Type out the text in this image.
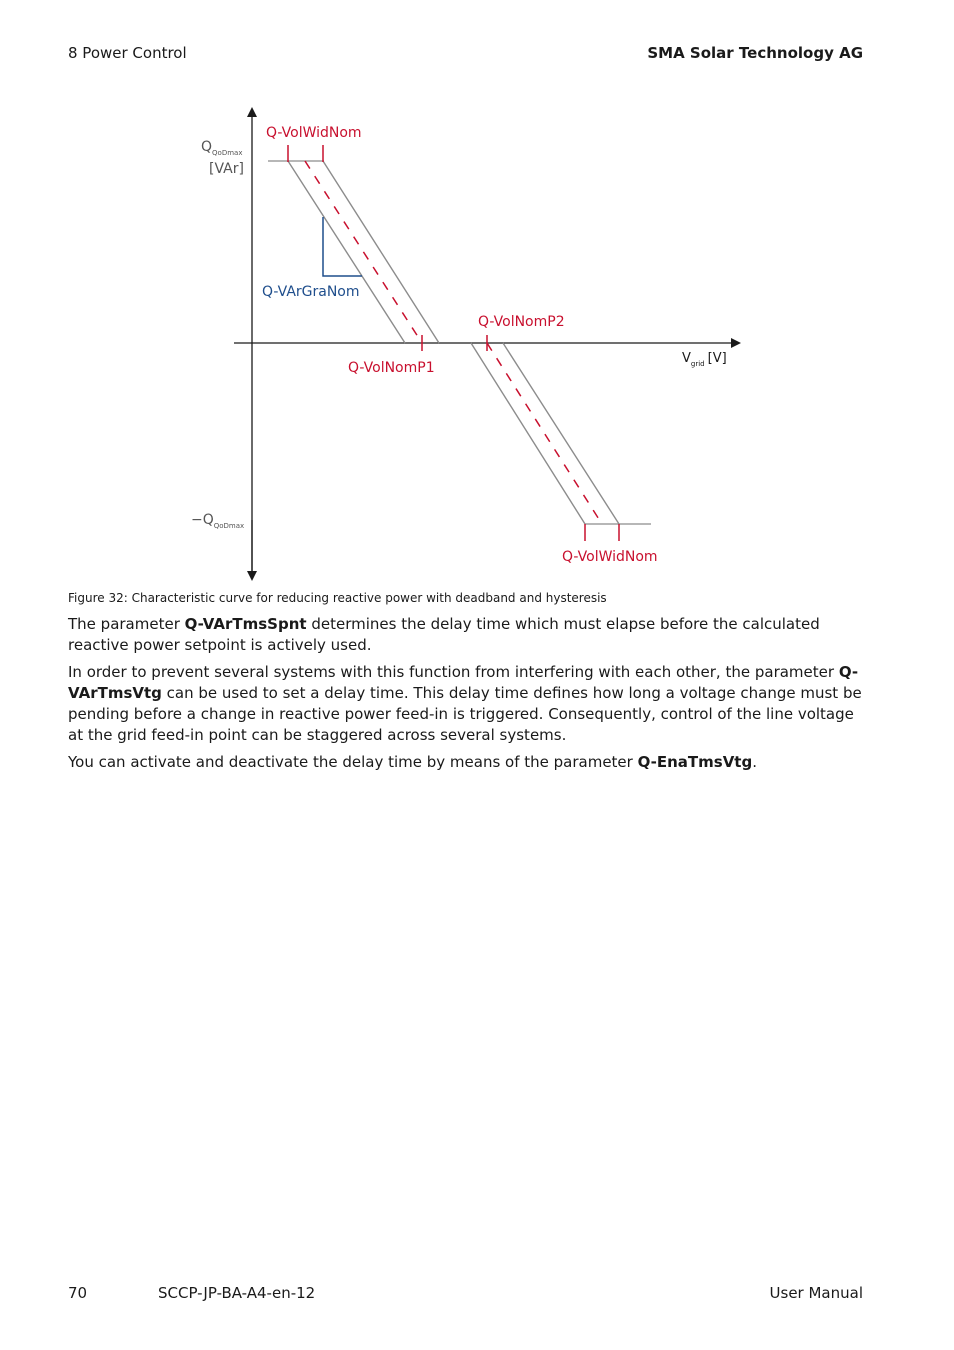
8 Power Control	SMA Solar Technology AG
$Q_{QoDmax}$
[VAr]
$-Q_{QoDmax}$
$V_{grid}$ [V]
Q-VolWidNom
Q-VArGraNom
Q-VolNomP1
Q-VolNomP2
Q-VolWidNom
Figure 32: Characteristic curve for reducing reactive power with deadband and hysteresis

The parameter Q-VArTmsSpnt determines the delay time which must elapse before the calculated reactive power setpoint is actively used.

In order to prevent several systems with this function from interfering with each other, the parameter Q-VArTmsVtg can be used to set a delay time. This delay time defines how long a voltage change must be pending before a change in reactive power feed-in is triggered. Consequently, control of the line voltage at the grid feed-in point can be staggered across several systems.

You can activate and deactivate the delay time by means of the parameter Q-EnaTmsVtg.

70	SCCP-JP-BA-A4-en-12	User Manual
